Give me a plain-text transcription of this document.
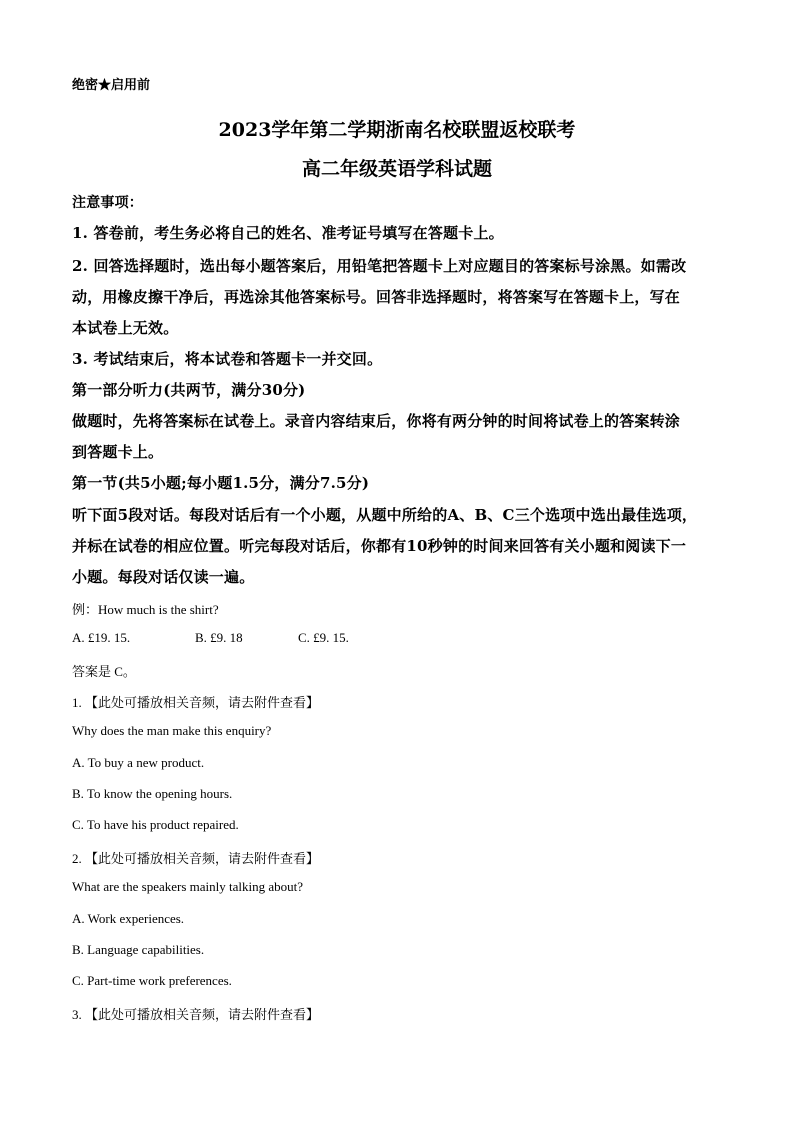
绝密★启用前
2023学年第二学期浙南名校联盟返校联考
高二年级英语学科试题
注意事项：
1. 答卷前，考生务必将自己的姓名、准考证号填写在答题卡上。
2. 回答选择题时，选出每小题答案后，用铅笔把答题卡上对应题目的答案标号涂黑。如需改
动，用橡皮擦干净后，再选涂其他答案标号。回答非选择题时，将答案写在答题卡上，写在
本试卷上无效。
3. 考试结束后，将本试卷和答题卡一并交回。
第一部分听力(共两节，满分30分)
做题时，先将答案标在试卷上。录音内容结束后，你将有两分钟的时间将试卷上的答案转涂
到答题卡上。
第一节(共5小题;每小题1.5分，满分7.5分)
听下面5段对话。每段对话后有一个小题，从题中所给的A、B、C三个选项中选出最佳选项，
并标在试卷的相应位置。听完每段对话后，你都有10秒钟的时间来回答有关小题和阅读下一
小题。每段对话仅读一遍。
例：How much is the shirt?
A. £19. 15.	B. £9. 18	C. £9. 15.
答案是 C。
1. 【此处可播放相关音频，请去附件查看】
Why does the man make this enquiry?
A. To buy a new product.
B. To know the opening hours.
C. To have his product repaired.
2. 【此处可播放相关音频，请去附件查看】
What are the speakers mainly talking about?
A. Work experiences.
B. Language capabilities.
C. Part-time work preferences.
3. 【此处可播放相关音频，请去附件查看】
